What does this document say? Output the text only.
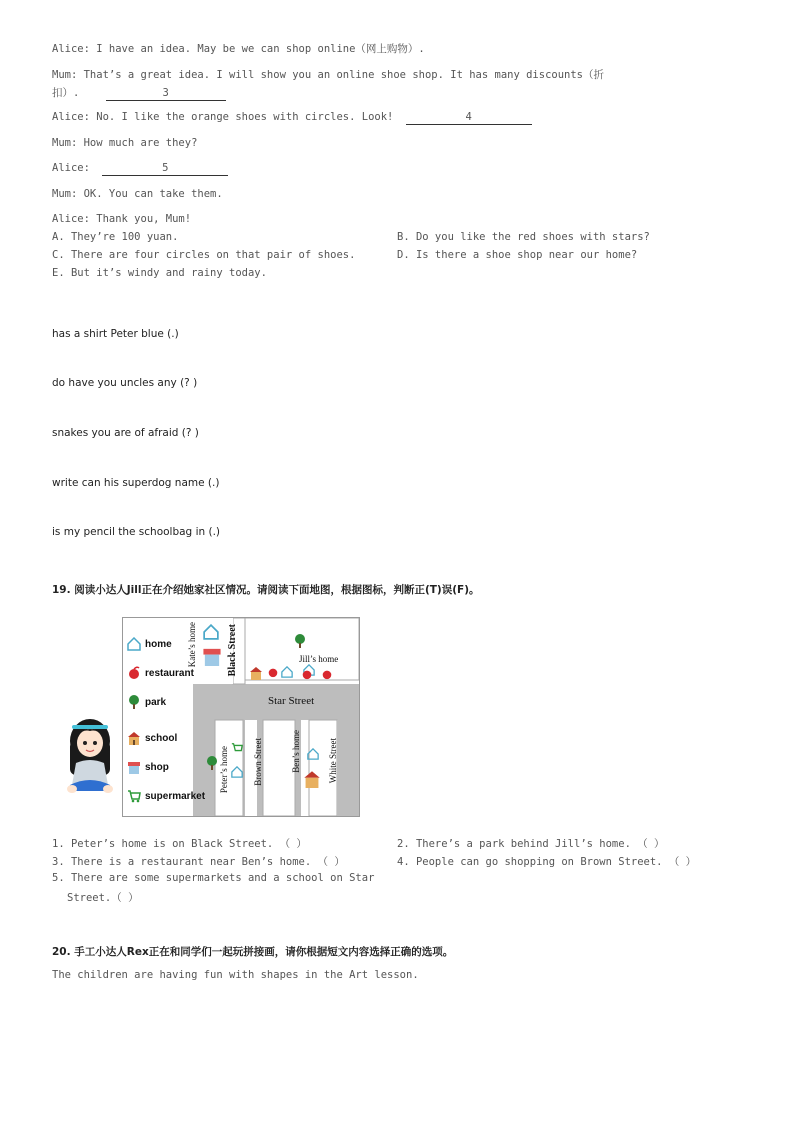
Alice: I have an idea. May be we can shop online（网上购物）.
Mum: That’s a great idea. I will show you an online shoe shop. It has many discounts（折
扣）.	3
Alice: No. I like the orange shoes with circles. Look!	4
Mum: How much are they?
Alice:	5
Mum: OK. You can take them.
Alice: Thank you, Mum!
A. They’re 100 yuan.	B. Do you like the red shoes with stars?
C. There are four circles on that pair of shoes.	D. Is there a shoe shop near our home?
E. But it’s windy and rainy today.
has a shirt Peter blue (.)
do have you uncles any (? )
snakes you are of afraid (? )
write can his superdog name (.)
is my pencil the schoolbag in (.)
19. 阅读小达人Jill正在介绍她家社区情况。请阅读下面地图，根据图标，判断正(T)误(F)。
home
restaurant
park
school
shop
supermarket
Kate’s home	Black Street	Jill’s home
Star Street
Peter’s home	Brown Street	Ben’s home	White Street
1. Peter’s home is on Black Street. （ ）	2. There’s a park behind Jill’s home. （ ）
3. There is a restaurant near Ben’s home. （ ）	4. People can go shopping on Brown Street. （ ）
5. There are some supermarkets and a school on Star
Street.（ ）
20. 手工小达人Rex正在和同学们一起玩拼接画，请你根据短文内容选择正确的选项。
The children are having fun with shapes in the Art lesson.
